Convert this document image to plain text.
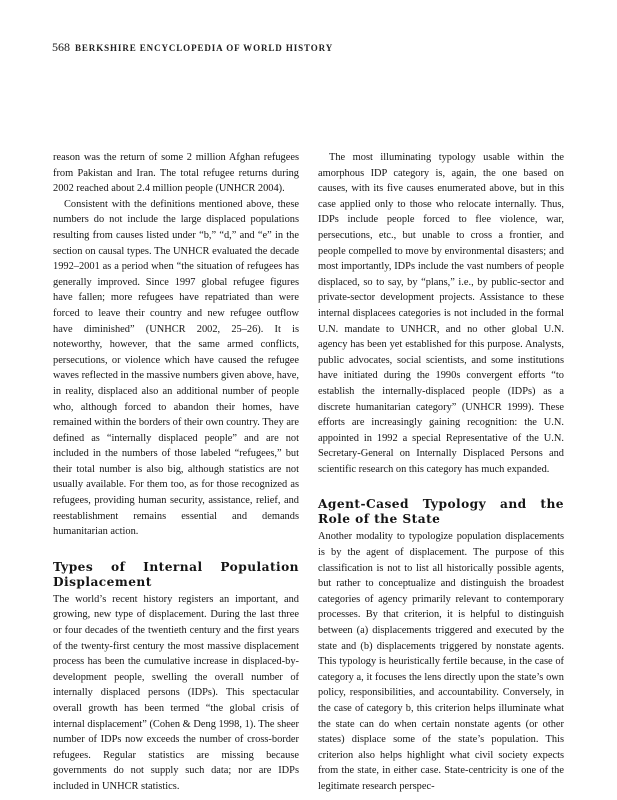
568 BERKSHIRE ENCYCLOPEDIA OF WORLD HISTORY

reason was the return of some 2 million Afghan refugees from Pakistan and Iran. The total refugee returns during 2002 reached about 2.4 million people (UNHCR 2004).

Consistent with the definitions mentioned above, these numbers do not include the large displaced populations resulting from causes listed under “b,” “d,” and “e” in the section on causal types. The UNHCR evaluated the decade 1992–2001 as a period when “the situation of refugees has generally improved. Since 1997 global refugee figures have fallen; more refugees have repatriated than were forced to leave their country and new refugee outflow have diminished” (UNHCR 2002, 25–26). It is noteworthy, however, that the same armed conflicts, persecutions, or violence which have caused the refugee waves reflected in the massive numbers given above, have, in reality, displaced also an additional number of people who, although forced to abandon their homes, have remained within the borders of their own country. They are defined as “internally displaced people” and are not included in the numbers of those labeled “refugees,” but their total number is also big, although statistics are not usually available. For them too, as for those recognized as refugees, providing human security, assistance, relief, and reestablishment remains essential and demands humanitarian action.

Types of Internal Population Displacement

The world’s recent history registers an important, and growing, new type of displacement. During the last three or four decades of the twentieth century and the first years of the twenty-first century the most massive displacement process has been the cumulative increase in displaced-by-development people, swelling the overall number of internally displaced persons (IDPs). This spectacular overall growth has been termed “the global crisis of internal displacement” (Cohen & Deng 1998, 1). The sheer number of IDPs now exceeds the number of cross-border refugees. Regular statistics are missing because governments do not supply such data; nor are IDPs included in UNHCR statistics.

The most illuminating typology usable within the amorphous IDP category is, again, the one based on causes, with its five causes enumerated above, but in this case applied only to those who relocate internally. Thus, IDPs include people forced to flee violence, war, persecutions, etc., but unable to cross a frontier, and people compelled to move by environmental disasters; and most importantly, IDPs include the vast numbers of people displaced, so to say, by “plans,” i.e., by public-sector and private-sector development projects. Assistance to these internal displacees categories is not included in the formal U.N. mandate to UNHCR, and no other global U.N. agency has been yet established for this purpose. Analysts, public advocates, social scientists, and some institutions have initiated during the 1990s convergent efforts “to establish the internally-displaced people (IDPs) as a discrete humanitarian category” (UNHCR 1999). These efforts are increasingly gaining recognition: the U.N. appointed in 1992 a special Representative of the U.N. Secretary-General on Internally Displaced Persons and scientific research on this category has much expanded.

Agent-Cased Typology and the Role of the State

Another modality to typologize population displacements is by the agent of displacement. The purpose of this classification is not to list all historically possible agents, but rather to conceptualize and distinguish the broadest categories of agency primarily relevant to contemporary processes. By that criterion, it is helpful to distinguish between (a) displacements triggered and executed by the state and (b) displacements triggered by nonstate agents. This typology is heuristically fertile because, in the case of category a, it focuses the lens directly upon the state’s own policy, responsibilities, and accountability. Conversely, in the case of category b, this criterion helps illuminate what the state can do when certain nonstate agents (or other states) displace some of the state’s population. This criterion also helps highlight what civil society expects from the state, in either case. State-centricity is one of the legitimate research perspec-
